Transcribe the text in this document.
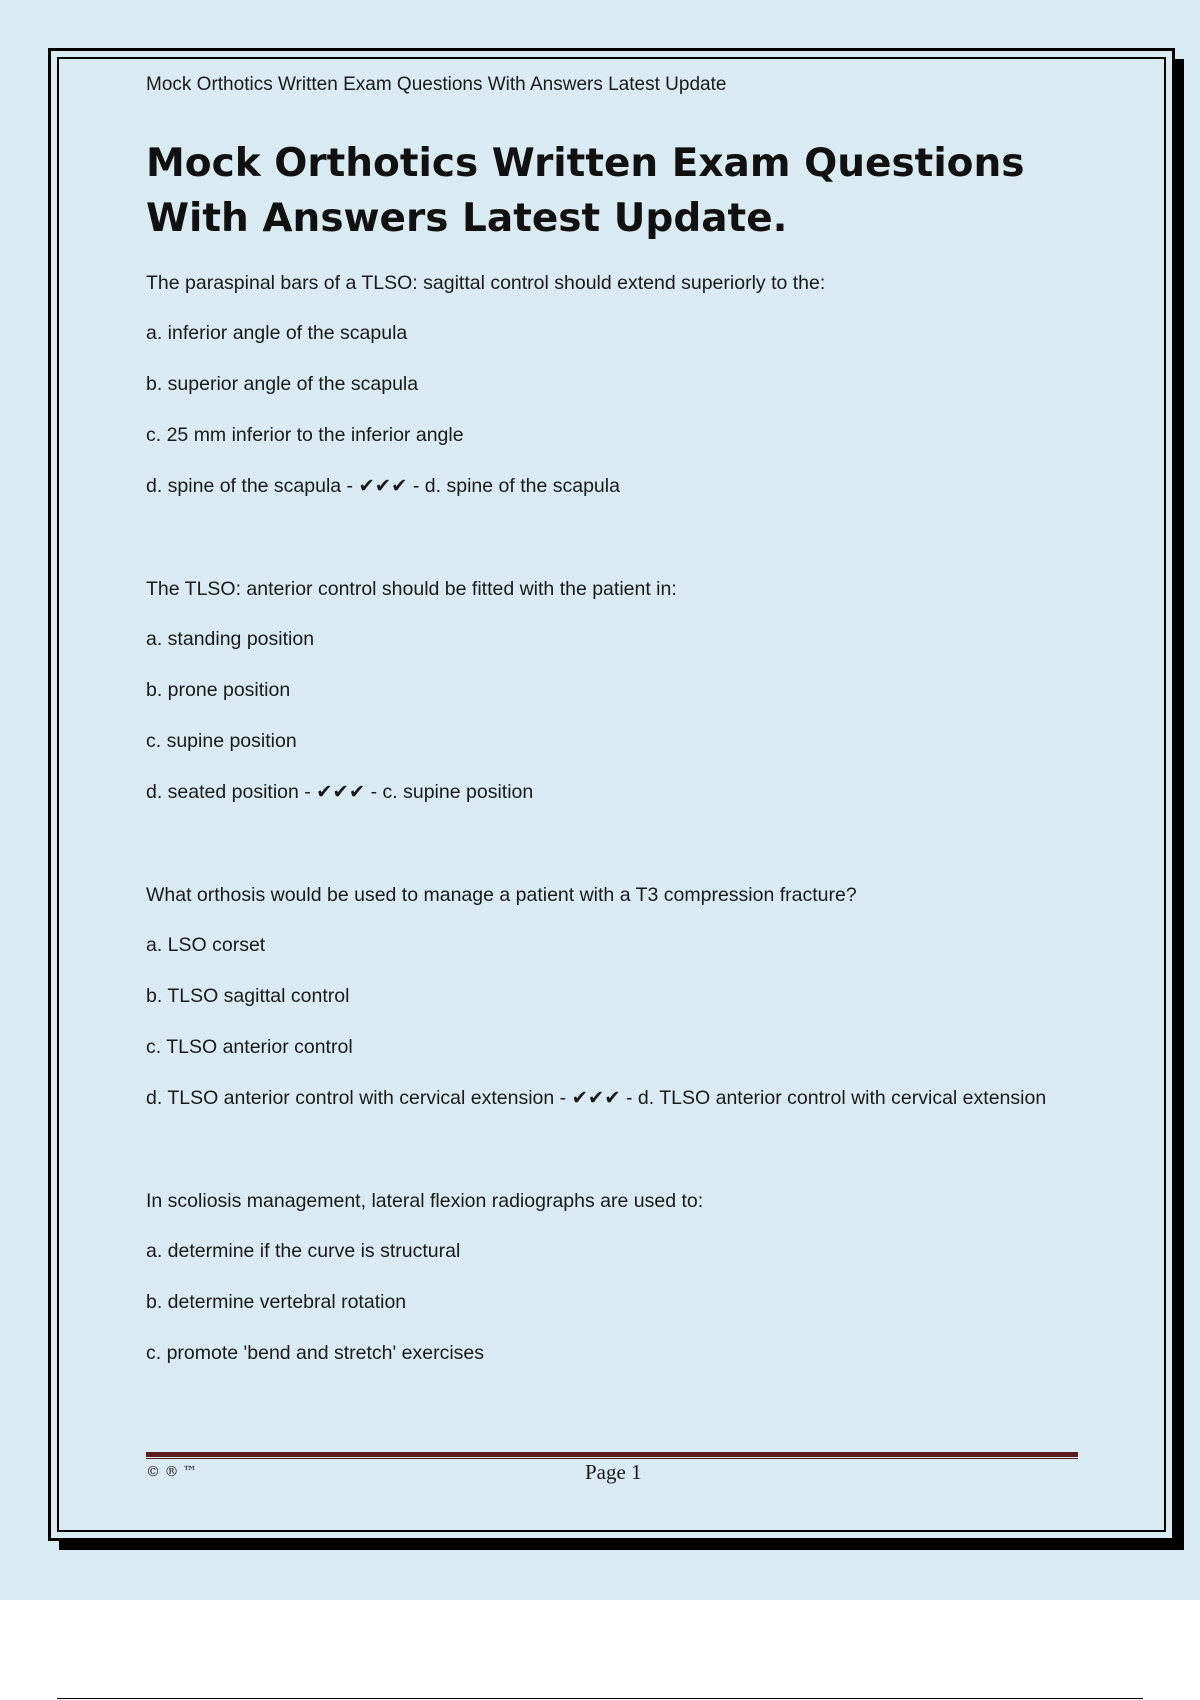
Mock Orthotics Written Exam Questions With Answers Latest Update
Mock Orthotics Written Exam Questions With Answers Latest Update.

The paraspinal bars of a TLSO: sagittal control should extend superiorly to the:

a. inferior angle of the scapula

b. superior angle of the scapula

c. 25 mm inferior to the inferior angle

d. spine of the scapula - ✔✔✔ - d. spine of the scapula

The TLSO: anterior control should be fitted with the patient in:

a. standing position

b. prone position

c. supine position

d. seated position - ✔✔✔ - c. supine position

What orthosis would be used to manage a patient with a T3 compression fracture?

a. LSO corset

b. TLSO sagittal control

c. TLSO anterior control

d. TLSO anterior control with cervical extension - ✔✔✔ - d. TLSO anterior control with cervical extension

In scoliosis management, lateral flexion radiographs are used to:

a. determine if the curve is structural

b. determine vertebral rotation

c. promote 'bend and stretch' exercises

© ® ™	Page 1
